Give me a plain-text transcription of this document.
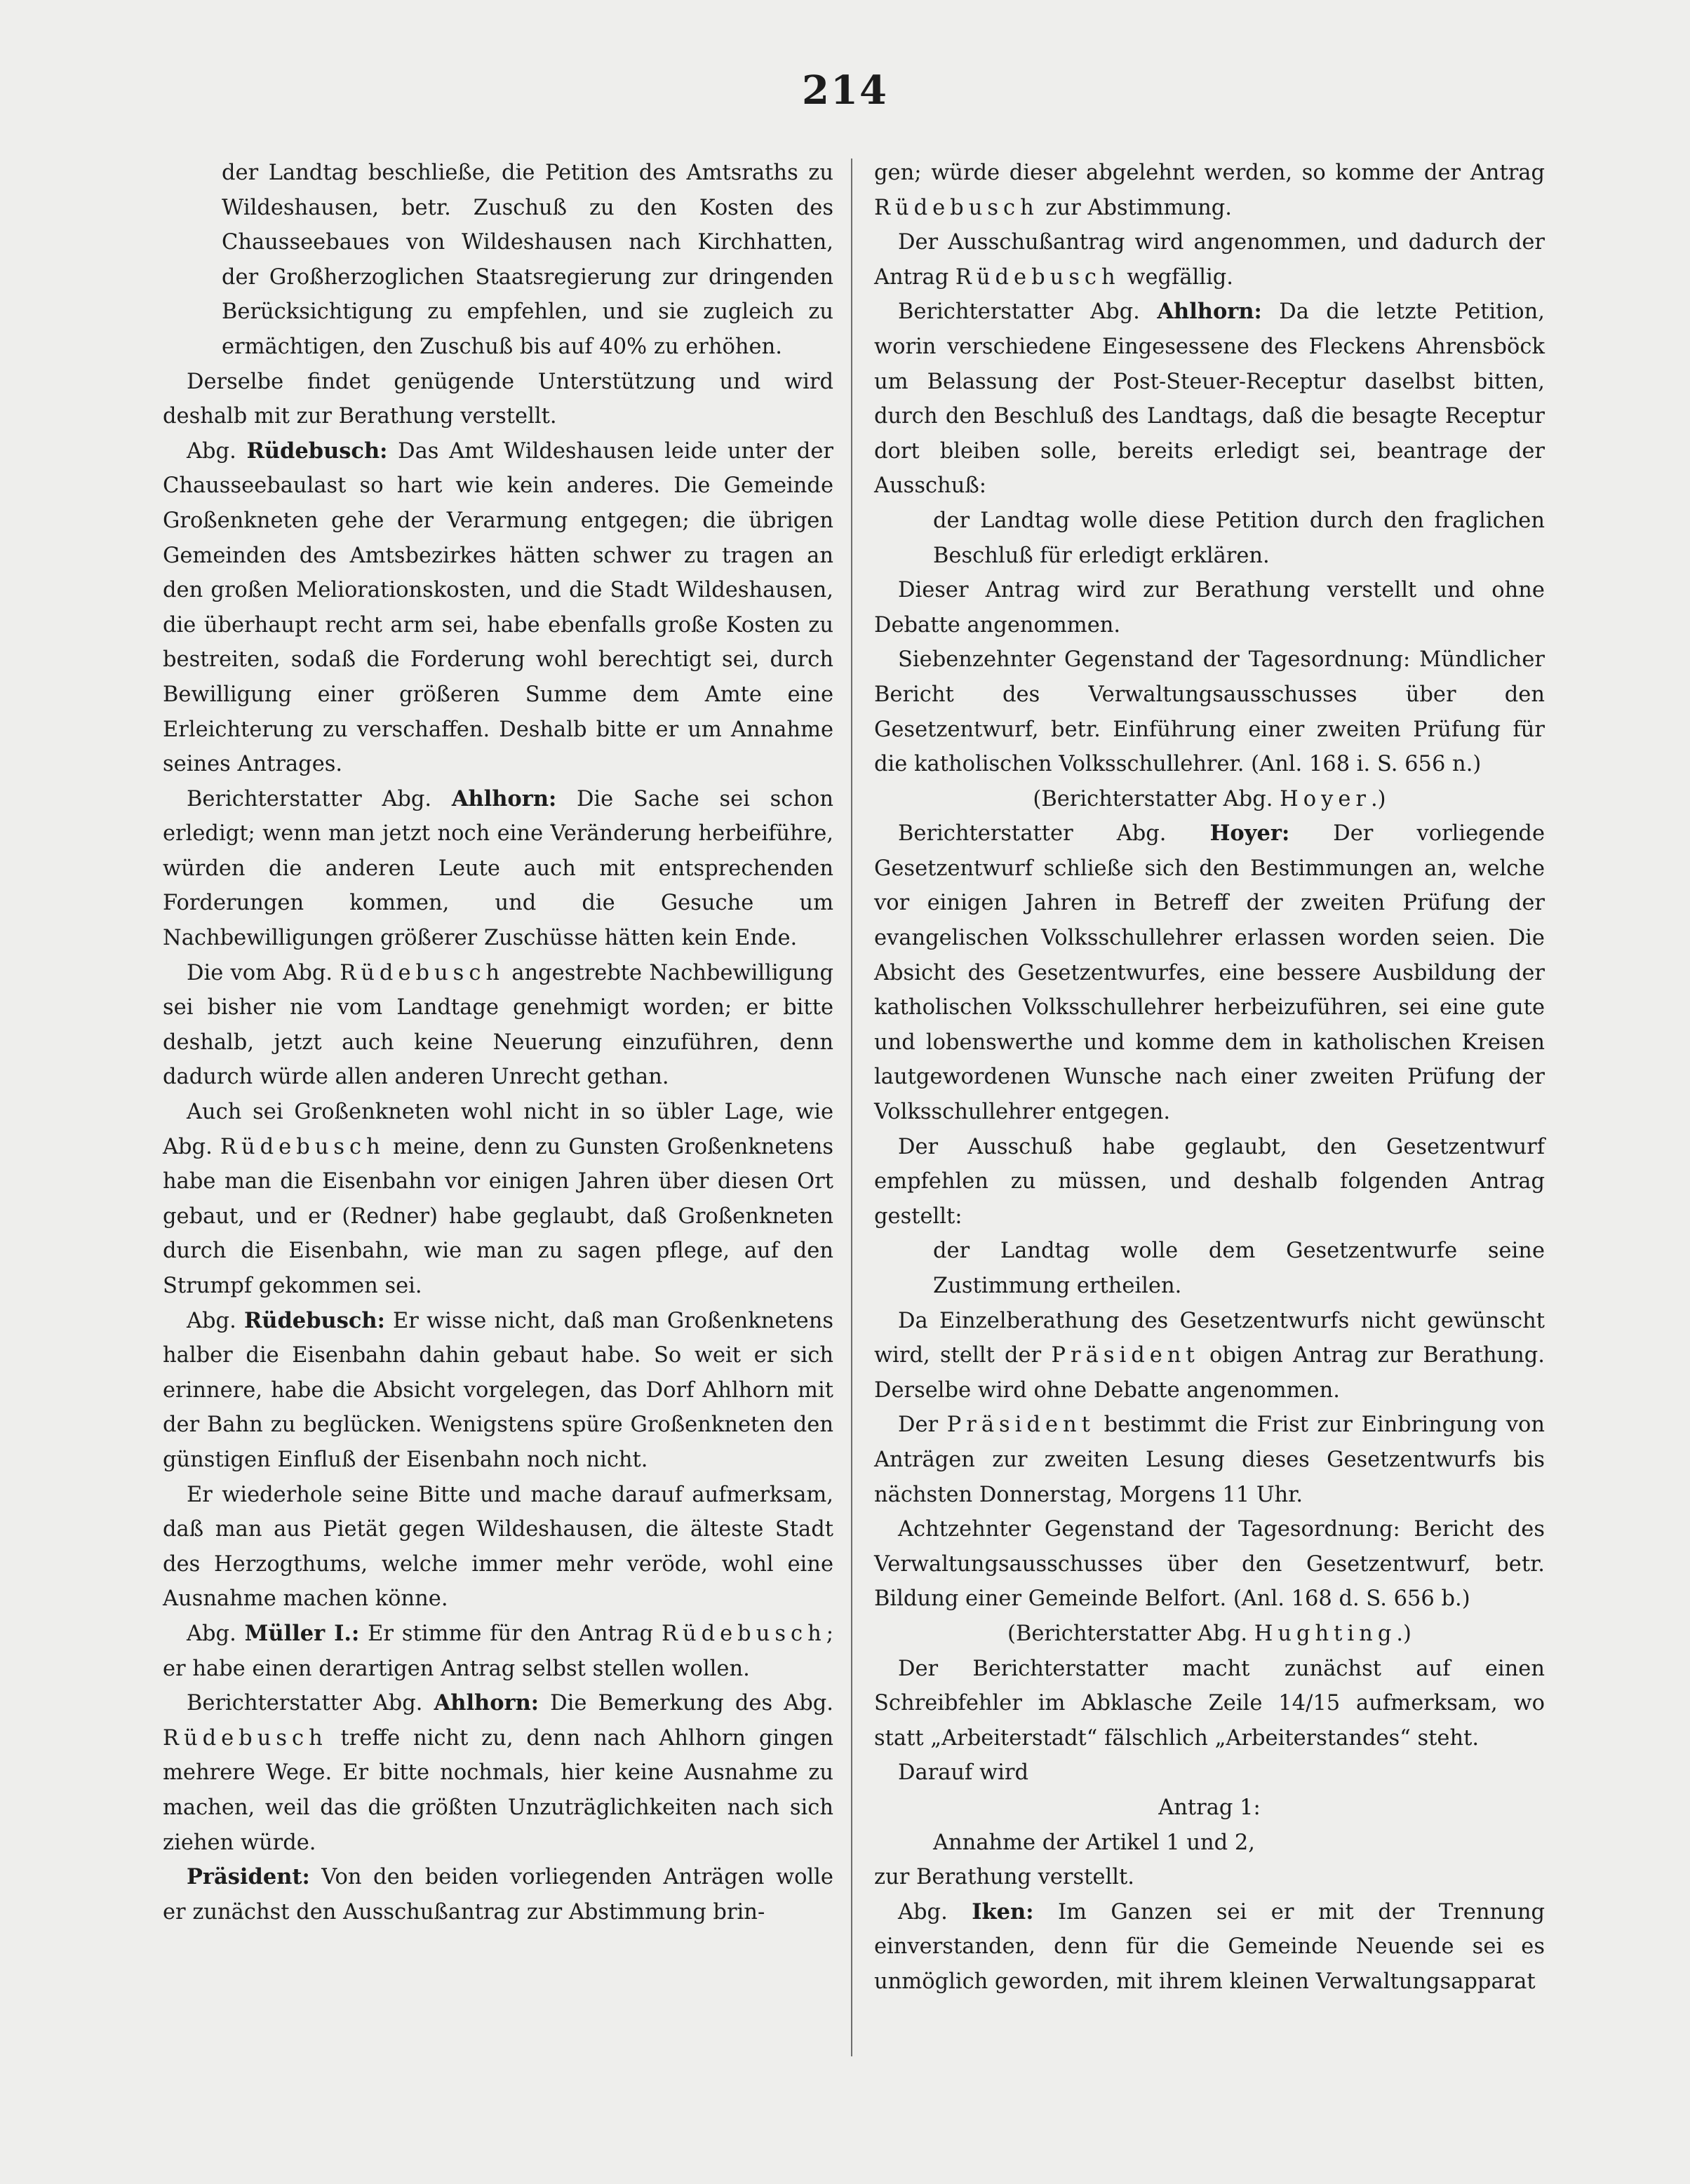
214

der Landtag beschließe, die Petition des Amtsraths zu Wildeshausen, betr. Zuschuß zu den Kosten des Chausseebaues von Wildeshausen nach Kirchhatten, der Großherzoglichen Staatsregierung zur dringenden Berücksichtigung zu empfehlen, und sie zugleich zu ermächtigen, den Zuschuß bis auf 40% zu erhöhen.

Derselbe findet genügende Unterstützung und wird deshalb mit zur Berathung verstellt.

Abg. Rüdebusch: Das Amt Wildeshausen leide unter der Chausseebaulast so hart wie kein anderes. Die Gemeinde Großenkneten gehe der Verarmung entgegen; die übrigen Gemeinden des Amtsbezirkes hätten schwer zu tragen an den großen Meliorationskosten, und die Stadt Wildeshausen, die überhaupt recht arm sei, habe ebenfalls große Kosten zu bestreiten, sodaß die Forderung wohl berechtigt sei, durch Bewilligung einer größeren Summe dem Amte eine Erleichterung zu verschaffen. Deshalb bitte er um Annahme seines Antrages.

Berichterstatter Abg. Ahlhorn: Die Sache sei schon erledigt; wenn man jetzt noch eine Veränderung herbeiführe, würden die anderen Leute auch mit entsprechenden Forderungen kommen, und die Gesuche um Nachbewilligungen größerer Zuschüsse hätten kein Ende.

Die vom Abg. Rüdebusch angestrebte Nachbewilligung sei bisher nie vom Landtage genehmigt worden; er bitte deshalb, jetzt auch keine Neuerung einzuführen, denn dadurch würde allen anderen Unrecht gethan.

Auch sei Großenkneten wohl nicht in so übler Lage, wie Abg. Rüdebusch meine, denn zu Gunsten Großenknetens habe man die Eisenbahn vor einigen Jahren über diesen Ort gebaut, und er (Redner) habe geglaubt, daß Großenkneten durch die Eisenbahn, wie man zu sagen pflege, auf den Strumpf gekommen sei.

Abg. Rüdebusch: Er wisse nicht, daß man Großenknetens halber die Eisenbahn dahin gebaut habe. So weit er sich erinnere, habe die Absicht vorgelegen, das Dorf Ahlhorn mit der Bahn zu beglücken. Wenigstens spüre Großenkneten den günstigen Einfluß der Eisenbahn noch nicht.

Er wiederhole seine Bitte und mache darauf aufmerksam, daß man aus Pietät gegen Wildeshausen, die älteste Stadt des Herzogthums, welche immer mehr veröde, wohl eine Ausnahme machen könne.

Abg. Müller I.: Er stimme für den Antrag Rüdebusch; er habe einen derartigen Antrag selbst stellen wollen.

Berichterstatter Abg. Ahlhorn: Die Bemerkung des Abg. Rüdebusch treffe nicht zu, denn nach Ahlhorn gingen mehrere Wege. Er bitte nochmals, hier keine Ausnahme zu machen, weil das die größten Unzuträglichkeiten nach sich ziehen würde.

Präsident: Von den beiden vorliegenden Anträgen wolle er zunächst den Ausschußantrag zur Abstimmung brin-

gen; würde dieser abgelehnt werden, so komme der Antrag Rüdebusch zur Abstimmung.

Der Ausschußantrag wird angenommen, und dadurch der Antrag Rüdebusch wegfällig.

Berichterstatter Abg. Ahlhorn: Da die letzte Petition, worin verschiedene Eingesessene des Fleckens Ahrensböck um Belassung der Post-Steuer-Receptur daselbst bitten, durch den Beschluß des Landtags, daß die besagte Receptur dort bleiben solle, bereits erledigt sei, beantrage der Ausschuß:

der Landtag wolle diese Petition durch den fraglichen Beschluß für erledigt erklären.

Dieser Antrag wird zur Berathung verstellt und ohne Debatte angenommen.

Siebenzehnter Gegenstand der Tagesordnung: Mündlicher Bericht des Verwaltungsausschusses über den Gesetzentwurf, betr. Einführung einer zweiten Prüfung für die katholischen Volksschullehrer. (Anl. 168 i. S. 656 n.)

(Berichterstatter Abg. Hoyer.)

Berichterstatter Abg. Hoyer: Der vorliegende Gesetzentwurf schließe sich den Bestimmungen an, welche vor einigen Jahren in Betreff der zweiten Prüfung der evangelischen Volksschullehrer erlassen worden seien. Die Absicht des Gesetzentwurfes, eine bessere Ausbildung der katholischen Volksschullehrer herbeizuführen, sei eine gute und lobenswerthe und komme dem in katholischen Kreisen lautgewordenen Wunsche nach einer zweiten Prüfung der Volksschullehrer entgegen.

Der Ausschuß habe geglaubt, den Gesetzentwurf empfehlen zu müssen, und deshalb folgenden Antrag gestellt:

der Landtag wolle dem Gesetzentwurfe seine Zustimmung ertheilen.

Da Einzelberathung des Gesetzentwurfs nicht gewünscht wird, stellt der Präsident obigen Antrag zur Berathung. Derselbe wird ohne Debatte angenommen.

Der Präsident bestimmt die Frist zur Einbringung von Anträgen zur zweiten Lesung dieses Gesetzentwurfs bis nächsten Donnerstag, Morgens 11 Uhr.

Achtzehnter Gegenstand der Tagesordnung: Bericht des Verwaltungsausschusses über den Gesetzentwurf, betr. Bildung einer Gemeinde Belfort. (Anl. 168 d. S. 656 b.)

(Berichterstatter Abg. Hughting.)

Der Berichterstatter macht zunächst auf einen Schreibfehler im Abklasche Zeile 14/15 aufmerksam, wo statt „Arbeiterstadt“ fälschlich „Arbeiterstandes“ steht.

Darauf wird

Antrag 1:

Annahme der Artikel 1 und 2,

zur Berathung verstellt.

Abg. Iken: Im Ganzen sei er mit der Trennung einverstanden, denn für die Gemeinde Neuende sei es unmöglich geworden, mit ihrem kleinen Verwaltungsapparat
